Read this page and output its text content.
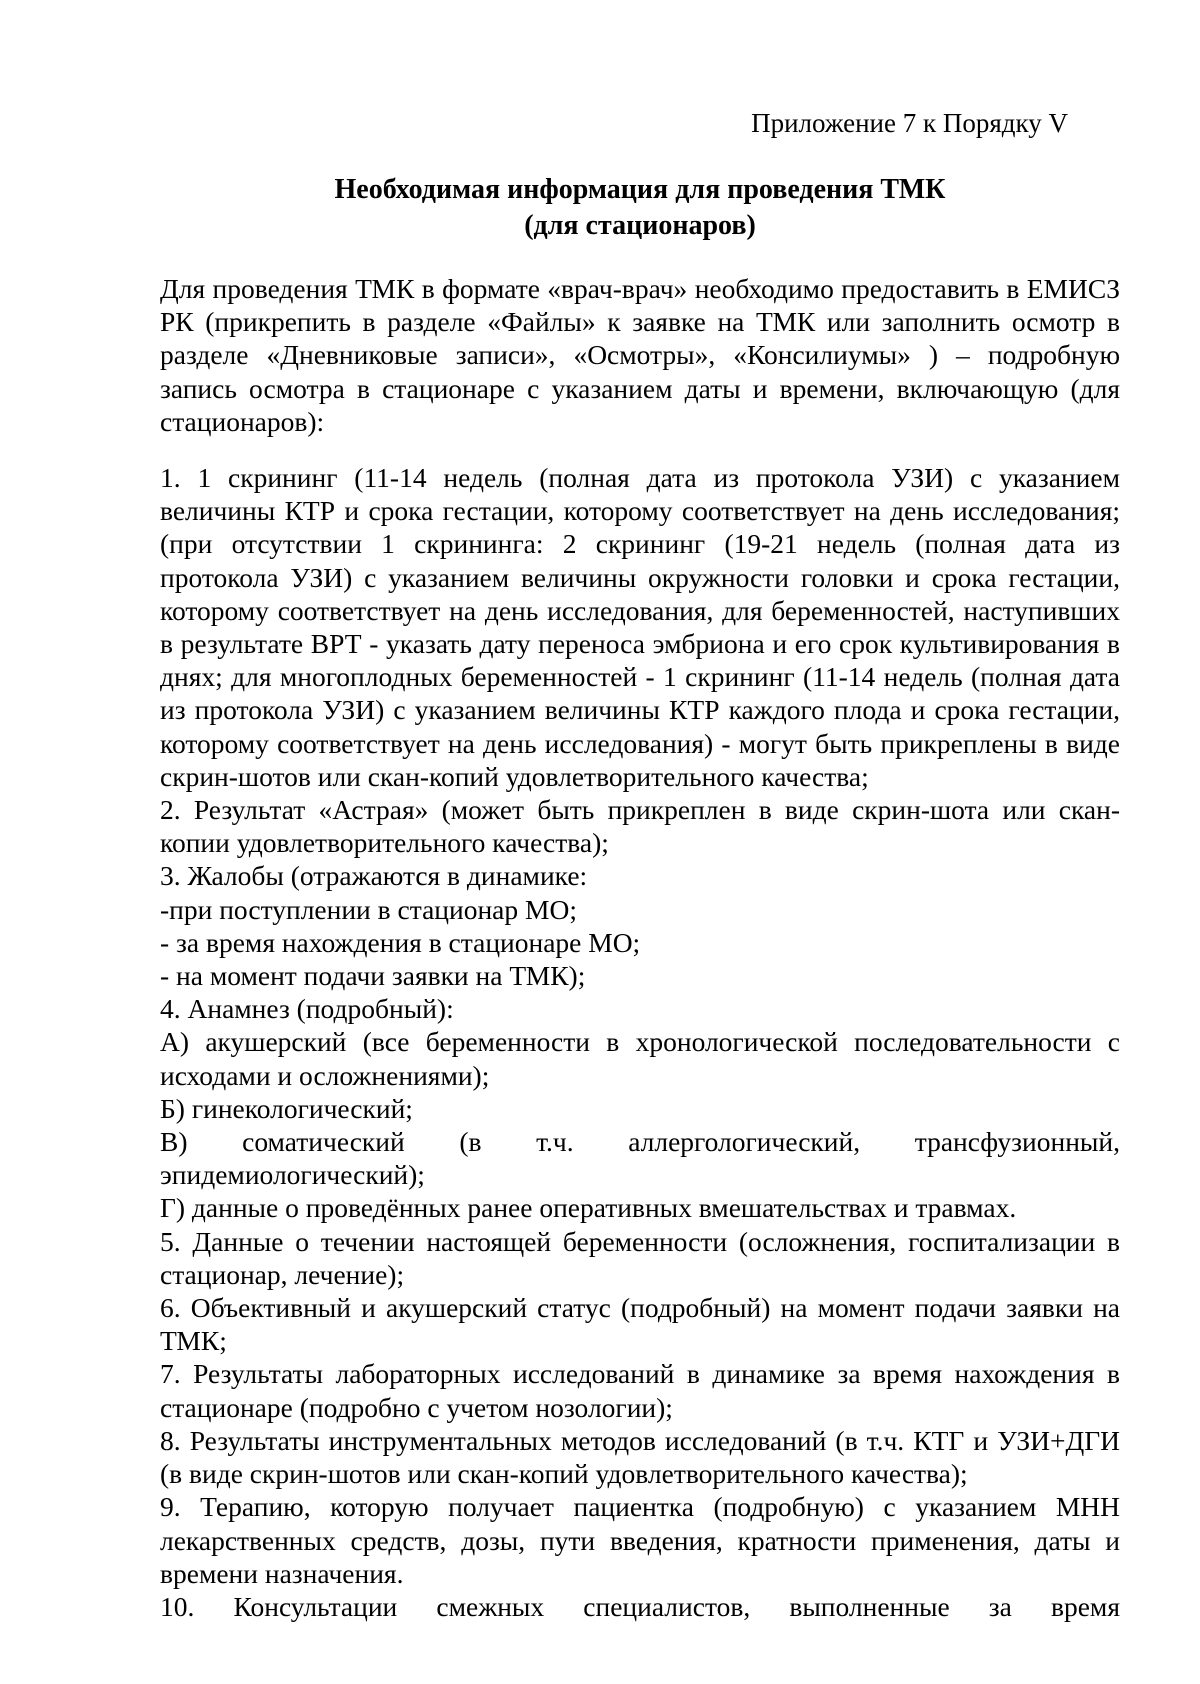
Приложение 7 к Порядку V
Необходимая информация для проведения ТМК
(для стационаров)

Для проведения ТМК в формате «врач-врач» необходимо предоставить в ЕМИСЗ РК (прикрепить в разделе «Файлы» к заявке на ТМК или заполнить осмотр в разделе «Дневниковые записи», «Осмотры», «Консилиумы» ) – подробную запись осмотра в стационаре с указанием даты и времени, включающую (для стационаров):

1. 1 скрининг (11-14 недель (полная дата из протокола УЗИ) с указанием величины КТР и срока гестации, которому соответствует на день исследования; (при отсутствии 1 скрининга: 2 скрининг (19-21 недель (полная дата из протокола УЗИ) с указанием величины окружности головки и срока гестации, которому соответствует на день исследования, для беременностей, наступивших в результате ВРТ - указать дату переноса эмбриона и его срок культивирования в днях; для многоплодных беременностей - 1 скрининг (11-14 недель (полная дата из протокола УЗИ) с указанием величины КТР каждого плода и срока гестации, которому соответствует на день исследования) - могут быть прикреплены в виде скрин-шотов или скан-копий удовлетворительного качества;

2. Результат «Астрая» (может быть прикреплен в виде скрин-шота или скан-копии удовлетворительного качества);

3. Жалобы (отражаются в динамике:

-при поступлении в стационар МО;

- за время нахождения в стационаре МО;

- на момент подачи заявки на ТМК);

4. Анамнез (подробный):

А) акушерский (все беременности в хронологической последовательности с исходами и осложнениями);

Б) гинекологический;

В) соматический (в т.ч. аллергологический, трансфузионный, эпидемиологический);

Г) данные о проведённых ранее оперативных вмешательствах и травмах.

5. Данные о течении настоящей беременности (осложнения, госпитализации в стационар, лечение);

6. Объективный и акушерский статус (подробный) на момент подачи заявки на ТМК;

7. Результаты лабораторных исследований в динамике за время нахождения в стационаре (подробно с учетом нозологии);

8. Результаты инструментальных методов исследований (в т.ч. КТГ и УЗИ+ДГИ (в виде скрин-шотов или скан-копий удовлетворительного качества);

9. Терапию, которую получает пациентка (подробную) с указанием МНН лекарственных средств, дозы, пути введения, кратности применения, даты и времени назначения.

10. Консультации смежных специалистов, выполненные за время
